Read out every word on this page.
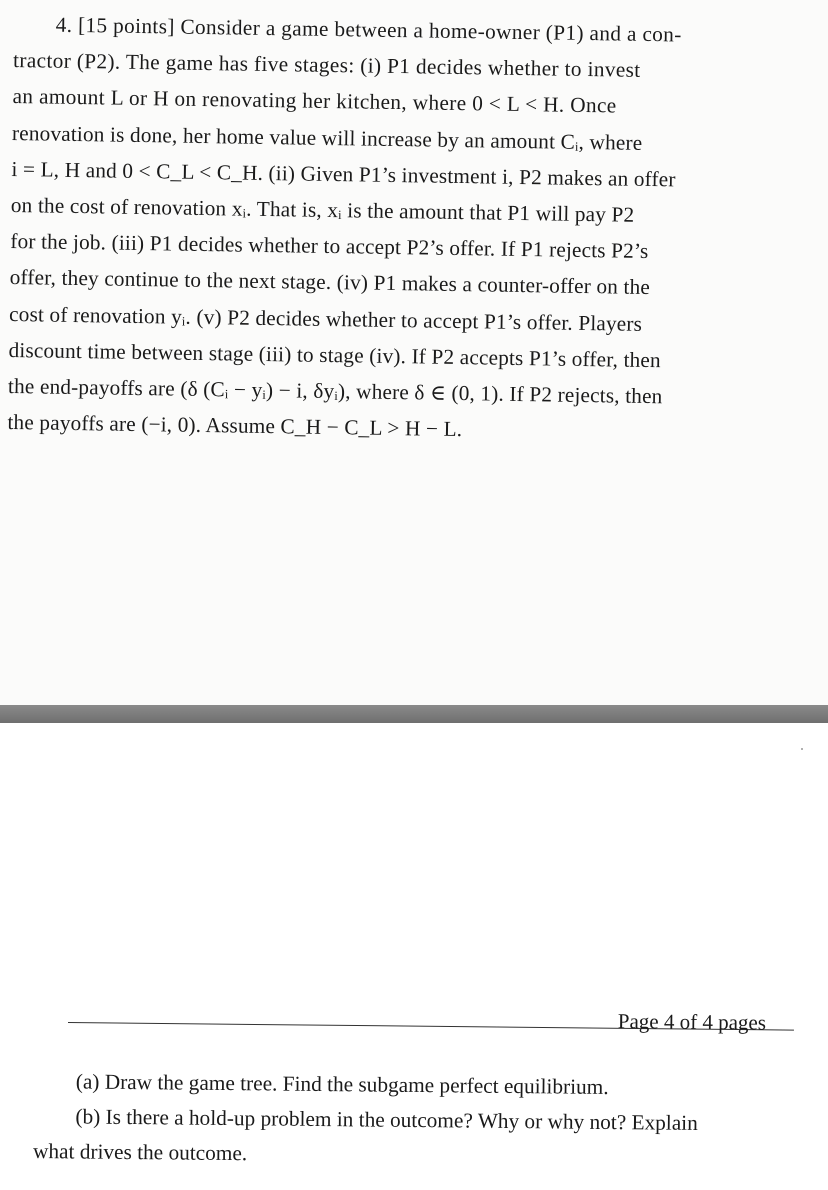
4. [15 points] Consider a game between a home-owner (P1) and a con-
tractor (P2). The game has five stages: (i) P1 decides whether to invest
an amount L or H on renovating her kitchen, where 0 < L < H. Once
renovation is done, her home value will increase by an amount Cᵢ, where
i = L, H and 0 < C_L < C_H. (ii) Given P1’s investment i, P2 makes an offer
on the cost of renovation xᵢ. That is, xᵢ is the amount that P1 will pay P2
for the job. (iii) P1 decides whether to accept P2’s offer. If P1 rejects P2’s
offer, they continue to the next stage. (iv) P1 makes a counter-offer on the
cost of renovation yᵢ. (v) P2 decides whether to accept P1’s offer. Players
discount time between stage (iii) to stage (iv). If P2 accepts P1’s offer, then
the end-payoffs are (δ (Cᵢ − yᵢ) − i, δyᵢ), where δ ∈ (0, 1). If P2 rejects, then
the payoffs are (−i, 0). Assume C_H − C_L > H − L.
Page 4 of 4 pages
(a) Draw the game tree. Find the subgame perfect equilibrium.
(b) Is there a hold-up problem in the outcome? Why or why not? Explain
what drives the outcome.
